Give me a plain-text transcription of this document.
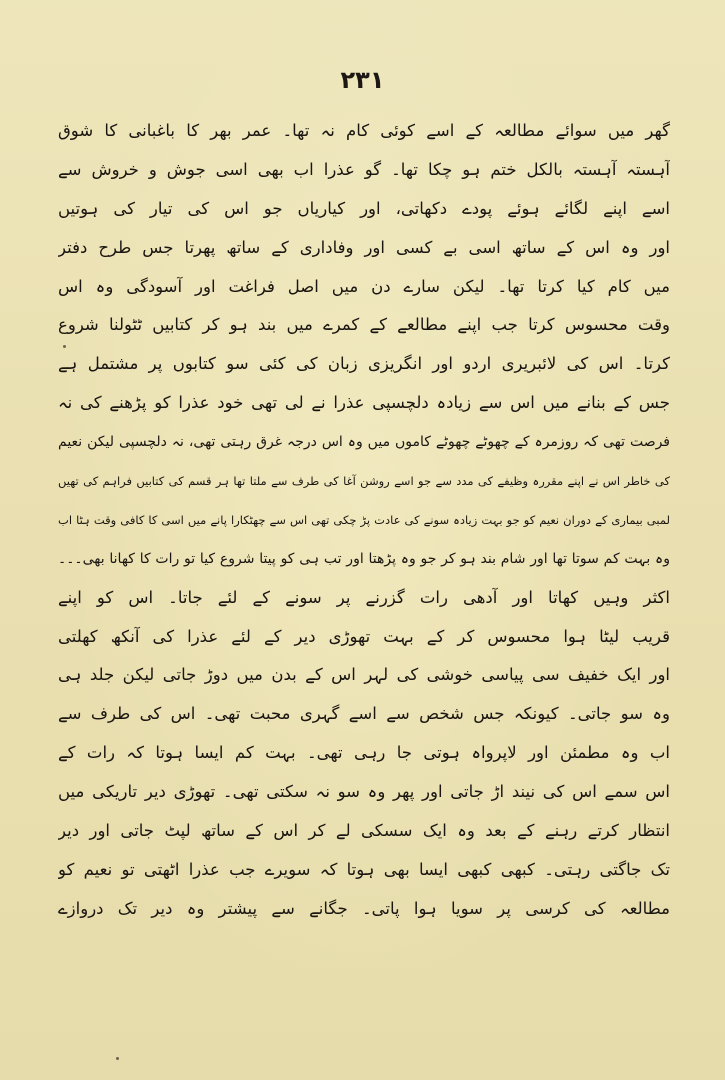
۲۳۱
گھر میں سوائے مطالعہ کے اسے کوئی کام نہ تھا۔ عمر بھر کا باغبانی کا شوق
آہستہ آہستہ بالکل ختم ہو چکا تھا۔ گو عذرا اب بھی اسی جوش و خروش سے
اسے اپنے لگائے ہوئے پودے دکھاتی، اور کیاریاں جو اس کی تیار کی ہوتیں
اور وہ اس کے ساتھ اسی بے کسی اور وفاداری کے ساتھ پھرتا جس طرح دفتر
میں کام کیا کرتا تھا۔ لیکن سارے دن میں اصل فراغت اور آسودگی وہ اس
وقت محسوس کرتا جب اپنے مطالعے کے کمرے میں بند ہو کر کتابیں ٹٹولنا شروع
کرتا۔ اس کی لائبریری اردو اور انگریزی زبان کی کئی سو کتابوں پر مشتمل ہے
جس کے بنانے میں اس سے زیادہ دلچسپی عذرا نے لی تھی خود عذرا کو پڑھنے کی نہ
فرصت تھی کہ روزمرہ کے چھوٹے چھوٹے کاموں میں وہ اس درجہ غرق رہتی تھی، نہ دلچسپی لیکن نعیم
کی خاطر اس نے اپنے مقررہ وظیفے کی مدد سے جو اسے روشن آغا کی طرف سے ملتا تھا ہر قسم کی کتابیں فراہم کی تھیں
لمبی بیماری کے دوران نعیم کو جو بہت زیادہ سونے کی عادت پڑ چکی تھی اس سے چھٹکارا پانے میں اسی کا کافی وقت ہٹا اب
وہ بہت کم سوتا تھا اور شام بند ہو کر جو وہ پڑھتا اور تب ہی کو پیتا شروع کیا تو رات کا کھانا بھی۔۔۔
اکثر وہیں کھاتا اور آدھی رات گزرنے پر سونے کے لئے جاتا۔ اس کو اپنے
قریب لیٹا ہوا محسوس کر کے بہت تھوڑی دیر کے لئے عذرا کی آنکھ کھلتی
اور ایک خفیف سی پیاسی خوشی کی لہر اس کے بدن میں دوڑ جاتی لیکن جلد ہی
وہ سو جاتی۔ کیونکہ جس شخص سے اسے گہری محبت تھی۔ اس کی طرف سے
اب وہ مطمئن اور لاپرواہ ہوتی جا رہی تھی۔ بہت کم ایسا ہوتا کہ رات کے
اس سمے اس کی نیند اڑ جاتی اور پھر وہ سو نہ سکتی تھی۔ تھوڑی دیر تاریکی میں
انتظار کرتے رہنے کے بعد وہ ایک سسکی لے کر اس کے ساتھ لپٹ جاتی اور دیر
تک جاگتی رہتی۔ کبھی کبھی ایسا بھی ہوتا کہ سویرے جب عذرا اٹھتی تو نعیم کو
مطالعہ کی کرسی پر سویا ہوا پاتی۔ جگانے سے پیشتر وہ دیر تک دروازے
